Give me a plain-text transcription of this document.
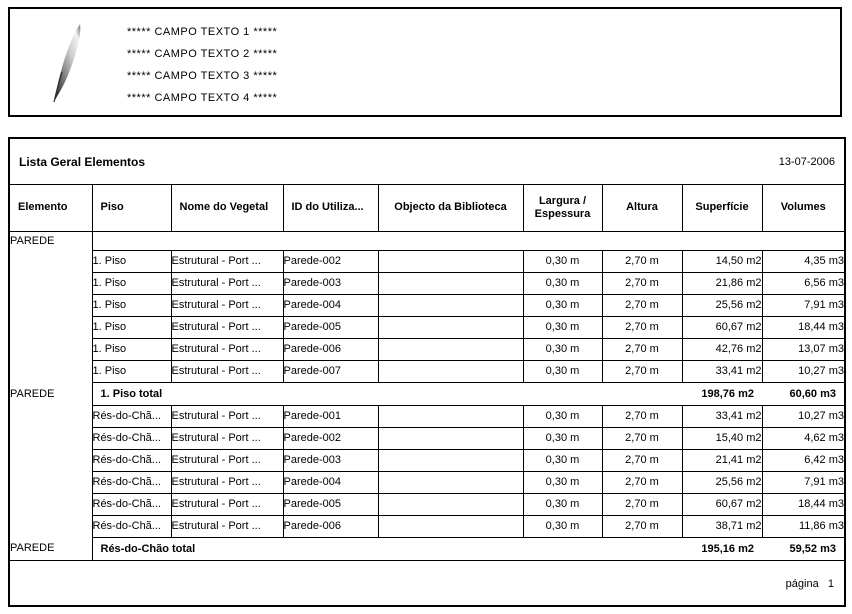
***** CAMPO TEXTO 1 *****
***** CAMPO TEXTO 2 *****
***** CAMPO TEXTO 3 *****
***** CAMPO TEXTO 4 *****
Lista Geral Elementos	13-07-2006
Elemento	Piso	Nome do Vegetal	ID do Utiliza...	Objecto da Biblioteca	Largura /
Espessura	Altura	Superfície	Volumes
PAREDE								
	1. Piso	Estrutural - Port ...	Parede-002		0,30 m	2,70 m	14,50 m2	4,35 m3
	1. Piso	Estrutural - Port ...	Parede-003		0,30 m	2,70 m	21,86 m2	6,56 m3
	1. Piso	Estrutural - Port ...	Parede-004		0,30 m	2,70 m	25,56 m2	7,91 m3
	1. Piso	Estrutural - Port ...	Parede-005		0,30 m	2,70 m	60,67 m2	18,44 m3
	1. Piso	Estrutural - Port ...	Parede-006		0,30 m	2,70 m	42,76 m2	13,07 m3
	1. Piso	Estrutural - Port ...	Parede-007		0,30 m	2,70 m	33,41 m2	10,27 m3
PAREDE	1. Piso total						198,76 m2	60,60 m3
	Rés-do-Chã...	Estrutural - Port ...	Parede-001		0,30 m	2,70 m	33,41 m2	10,27 m3
	Rés-do-Chã...	Estrutural - Port ...	Parede-002		0,30 m	2,70 m	15,40 m2	4,62 m3
	Rés-do-Chã...	Estrutural - Port ...	Parede-003		0,30 m	2,70 m	21,41 m2	6,42 m3
	Rés-do-Chã...	Estrutural - Port ...	Parede-004		0,30 m	2,70 m	25,56 m2	7,91 m3
	Rés-do-Chã...	Estrutural - Port ...	Parede-005		0,30 m	2,70 m	60,67 m2	18,44 m3
	Rés-do-Chã...	Estrutural - Port ...	Parede-006		0,30 m	2,70 m	38,71 m2	11,86 m3
PAREDE	Rés-do-Chão total						195,16 m2	59,52 m3
página   1
